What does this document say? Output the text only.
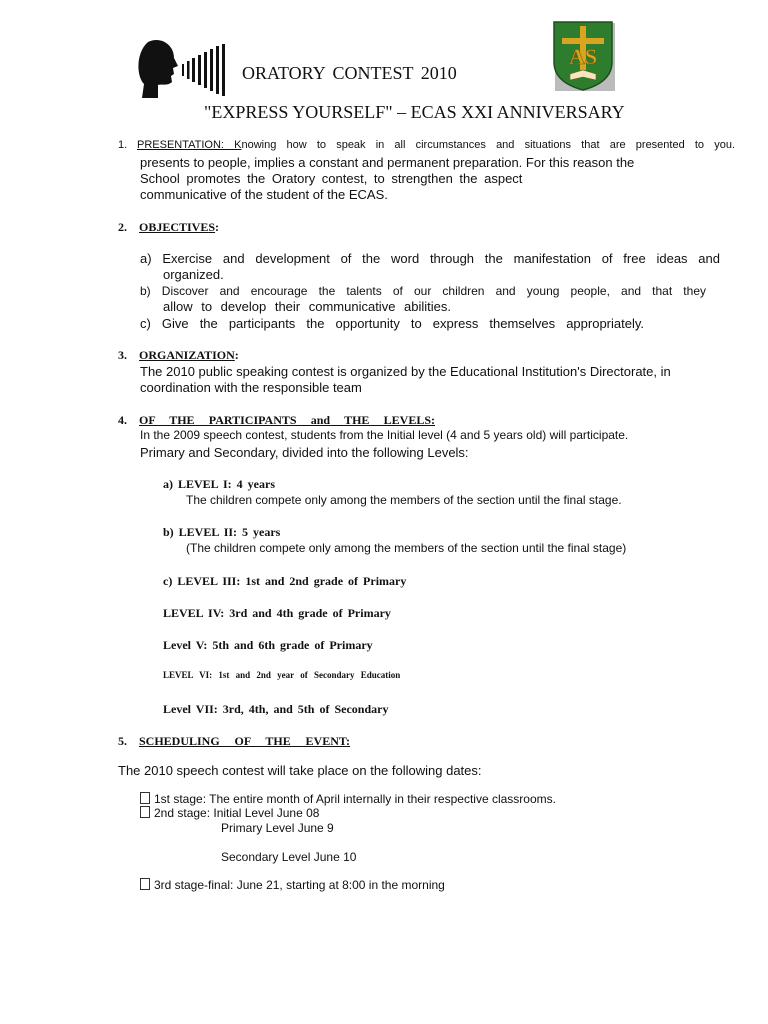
ORATORY CONTEST 2010
AS
"EXPRESS YOURSELF" – ECAS XXI ANNIVERSARY
1. PRESENTATION: Knowing how to speak in all circumstances and situations that are presented to you.
presents to people, implies a constant and permanent preparation. For this reason the
School promotes the Oratory contest, to strengthen the aspect
communicative of the student of the ECAS.
2. OBJECTIVES:
a) Exercise and development of the word through the manifestation of free ideas and
organized.
b) Discover and encourage the talents of our children and young people, and that they
allow to develop their communicative abilities.
c) Give the participants the opportunity to express themselves appropriately.
3. ORGANIZATION:
The 2010 public speaking contest is organized by the Educational Institution's Directorate, in
coordination with the responsible team
4. OF THE PARTICIPANTS and THE LEVELS:
In the 2009 speech contest, students from the Initial level (4 and 5 years old) will participate.
Primary and Secondary, divided into the following Levels:
a) LEVEL I: 4 years
The children compete only among the members of the section until the final stage.
b) LEVEL II: 5 years
(The children compete only among the members of the section until the final stage)
c) LEVEL III: 1st and 2nd grade of Primary
LEVEL IV: 3rd and 4th grade of Primary
Level V: 5th and 6th grade of Primary
LEVEL VI: 1st and 2nd year of Secondary Education
Level VII: 3rd, 4th, and 5th of Secondary
5. SCHEDULING OF THE EVENT:
The 2010 speech contest will take place on the following dates:
1st stage: The entire month of April internally in their respective classrooms.
2nd stage: Initial Level June 08
Primary Level June 9
Secondary Level June 10
3rd stage-final: June 21, starting at 8:00 in the morning
